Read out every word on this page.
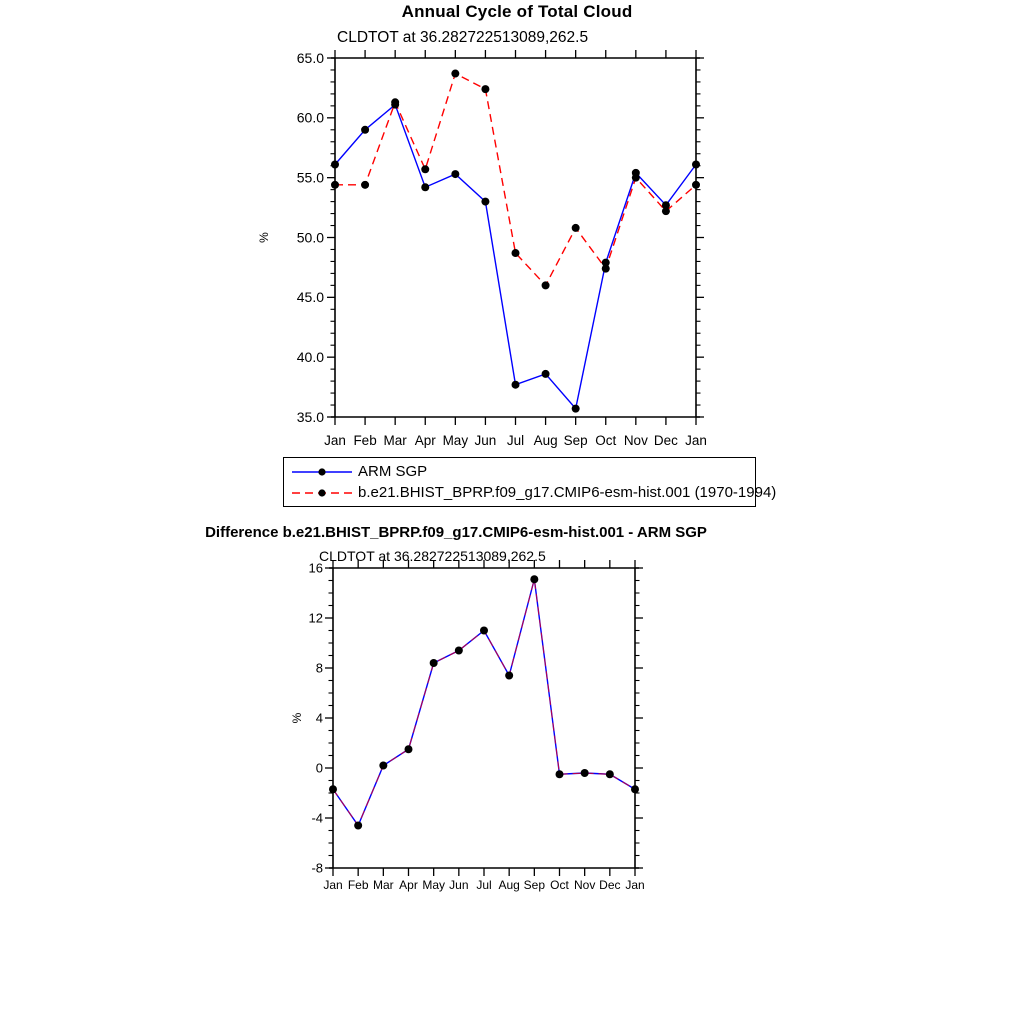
Annual Cycle of Total Cloud
CLDTOT at 36.282722513089,262.5
Jan Feb Mar Apr May Jun Jul Aug Sep Oct Nov Dec Jan
35.0
40.0
45.0
50.0
55.0
60.0
65.0
%
Jan Feb Mar Apr May Jun Jul Aug Sep Oct Nov Dec Jan
-8
-4
0
4
8
12
16
%
ARM SGP
b.e21.BHIST_BPRP.f09_g17.CMIP6-esm-hist.001 (1970-1994)
Difference b.e21.BHIST_BPRP.f09_g17.CMIP6-esm-hist.001 - ARM SGP
CLDTOT at 36.282722513089,262.5
